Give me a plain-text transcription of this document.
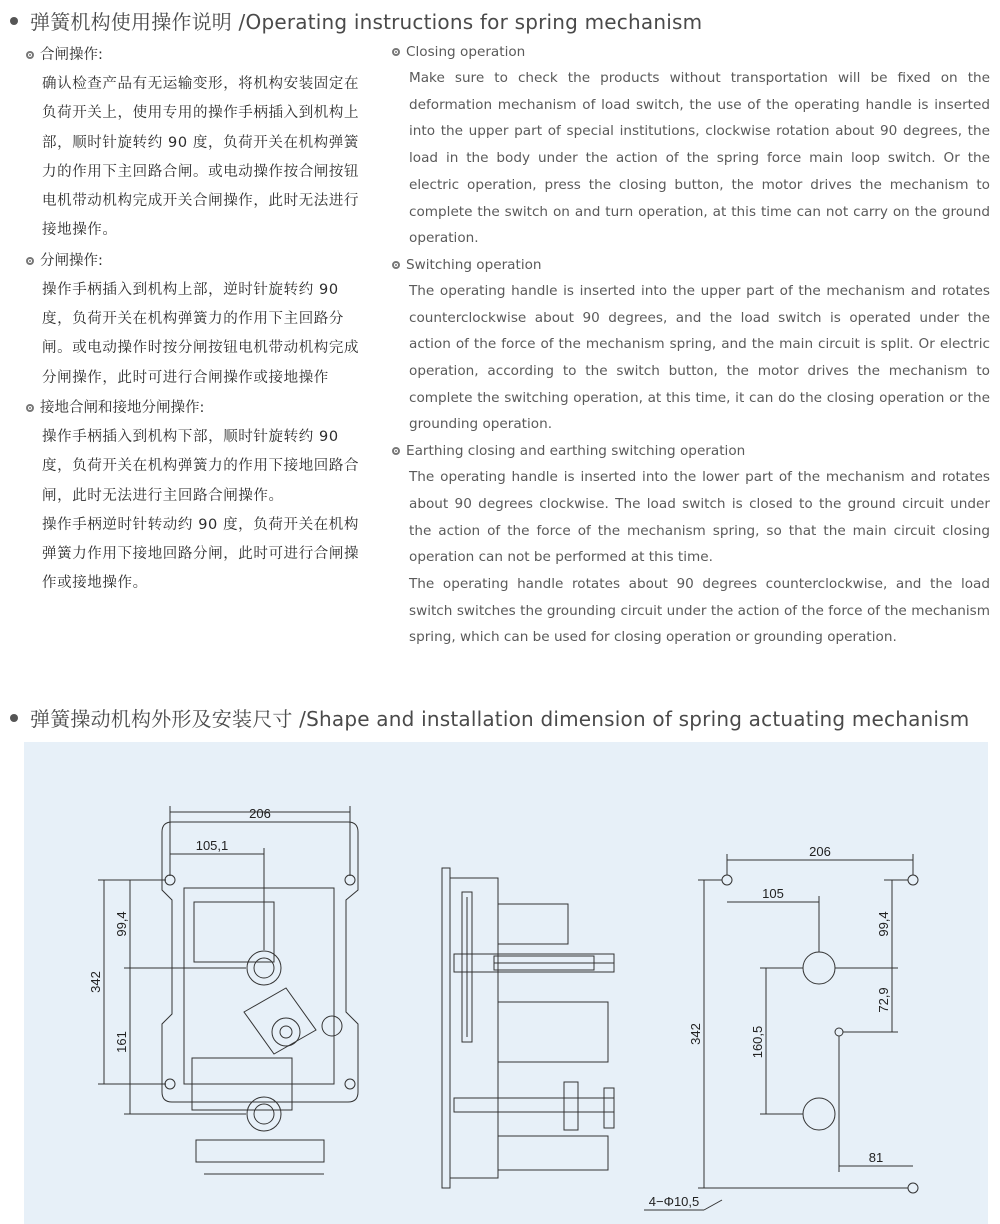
弹簧机构使用操作说明 /Operating instructions for spring mechanism
合闸操作:
确认检查产品有无运输变形，将机构安装固定在负荷开关上，使用专用的操作手柄插入到机构上部，顺时针旋转约 90 度，负荷开关在机构弹簧力的作用下主回路合闸。或电动操作按合闸按钮电机带动机构完成开关合闸操作，此时无法进行接地操作。
分闸操作:
操作手柄插入到机构上部，逆时针旋转约 90 度，负荷开关在机构弹簧力的作用下主回路分闸。或电动操作时按分闸按钮电机带动机构完成分闸操作，此时可进行合闸操作或接地操作
接地合闸和接地分闸操作:
操作手柄插入到机构下部，顺时针旋转约 90 度，负荷开关在机构弹簧力的作用下接地回路合闸，此时无法进行主回路合闸操作。
操作手柄逆时针转动约 90 度，负荷开关在机构弹簧力作用下接地回路分闸，此时可进行合闸操作或接地操作。
Closing operation
Make sure to check the products without transportation will be fixed on the deformation mechanism of load switch, the use of the operating handle is inserted into the upper part of special institutions, clockwise rotation about 90 degrees, the load in the body under the action of the spring force main loop switch. Or the electric operation, press the closing button, the motor drives the mechanism to complete the switch on and turn operation, at this time can not carry on the ground operation.
Switching operation
The operating handle is inserted into the upper part of the mechanism and rotates counterclockwise about 90 degrees, and the load switch is operated under the action of the force of the mechanism spring, and the main circuit is split. Or electric operation, according to the switch button, the motor drives the mechanism to complete the switching operation, at this time, it can do the closing operation or the grounding operation.
Earthing closing and earthing switching operation
The operating handle is inserted into the lower part of the mechanism and rotates about 90 degrees clockwise. The load switch is closed to the ground circuit under the action of the force of the mechanism spring, so that the main circuit closing operation can not be performed at this time.
The operating handle rotates about 90 degrees counterclockwise, and the load switch switches the grounding circuit under the action of the force of the mechanism spring, which can be used for closing operation or grounding operation.
弹簧操动机构外形及安装尺寸 /Shape and installation dimension of spring actuating mechanism
206
105,1
342
161
99,4
206
105
99,4
72,9
160,5
342
81
4−Φ10,5
